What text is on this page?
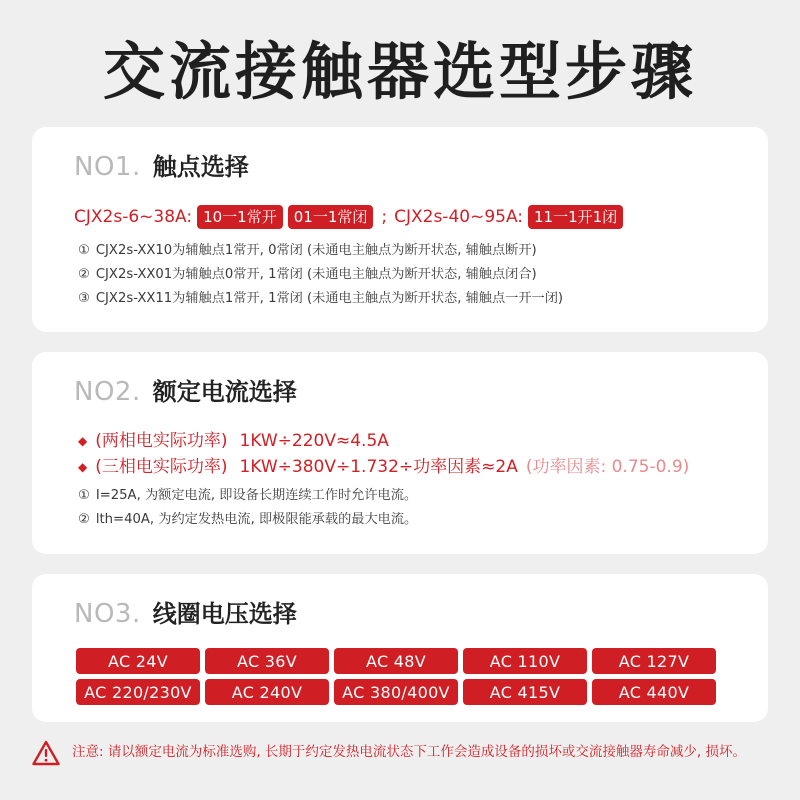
交流接触器选型步骤
NO1. 触点选择
CJX2s-6~38A: 10一1常开	01一1常闭 ; CJX2s-40~95A: 11一1开1闭
① CJX2s-XX10为辅触点1常开, 0常闭 (未通电主触点为断开状态, 辅触点断开)
② CJX2s-XX01为辅触点0常开, 1常闭 (未通电主触点为断开状态, 辅触点闭合)
③ CJX2s-XX11为辅触点1常开, 1常闭 (未通电主触点为断开状态, 辅触点一开一闭)
NO2. 额定电流选择
◆ (两相电实际功率) 1KW÷220V≈4.5A
◆ (三相电实际功率) 1KW÷380V÷1.732÷功率因素≈2A (功率因素: 0.75-0.9)
① I=25A, 为额定电流, 即设备长期连续工作时允许电流。
② lth=40A, 为约定发热电流, 即极限能承载的最大电流。
NO3. 线圈电压选择
AC 24V	AC 36V	AC 48V	AC 110V	AC 127V
AC 220/230V	AC 240V	AC 380/400V	AC 415V	AC 440V
注意: 请以额定电流为标准选购, 长期于约定发热电流状态下工作会造成设备的损坏或交流接触器寿命减少, 损坏。
